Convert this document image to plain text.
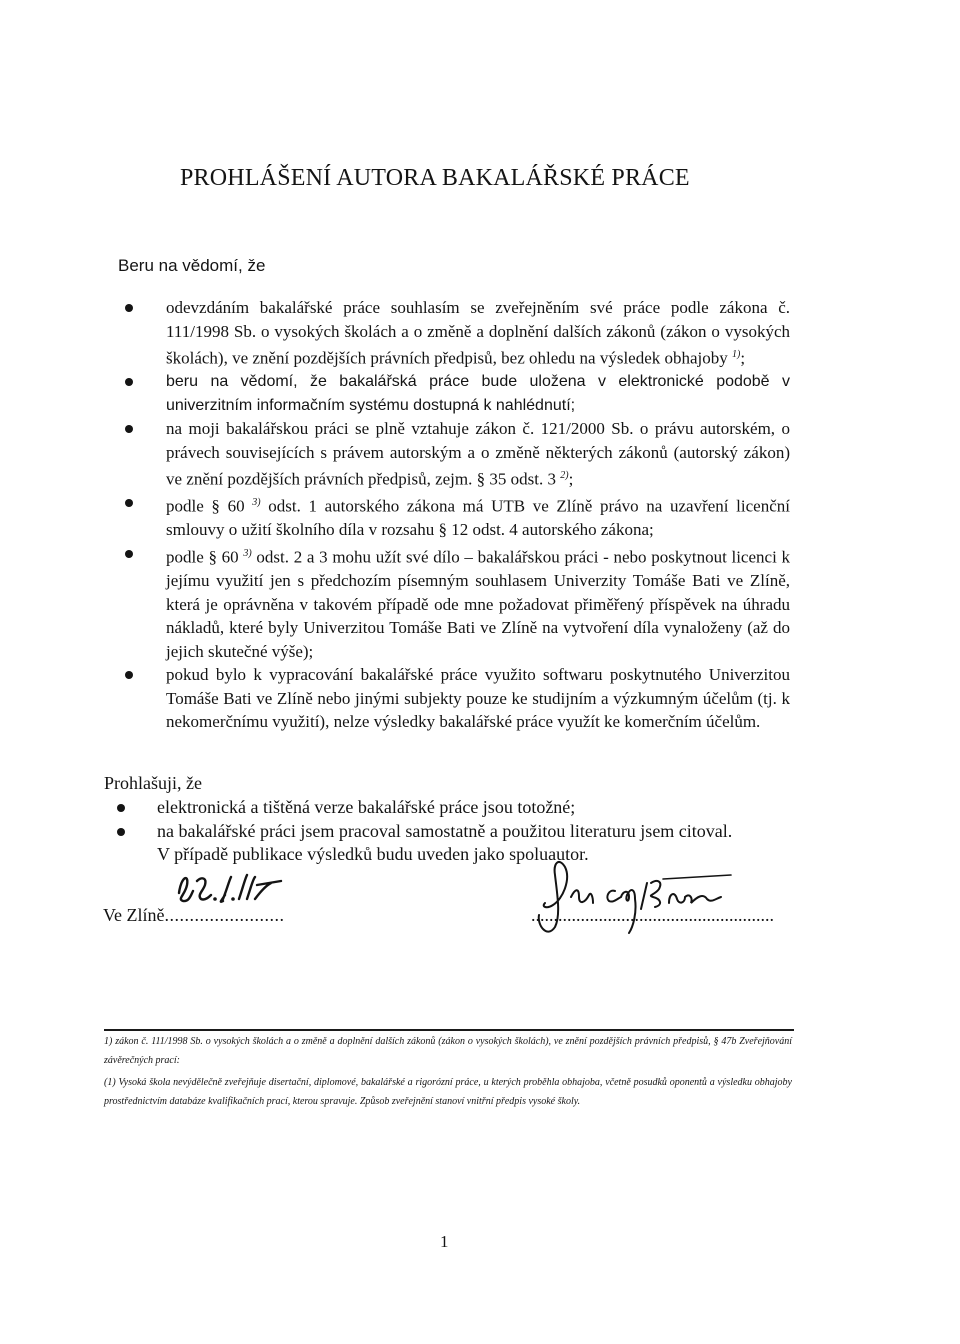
PROHLÁŠENÍ AUTORA BAKALÁŘSKÉ PRÁCE
Beru na vědomí, že
odevzdáním bakalářské práce souhlasím se zveřejněním své práce podle zákona č. 111/1998 Sb. o vysokých školách a o změně a doplnění dalších zákonů (zákon o vysokých školách), ve znění pozdějších právních předpisů, bez ohledu na výsledek obhajoby $^{1)}$;
beru na vědomí, že bakalářská práce bude uložena v elektronické podobě v univerzitním informačním systému dostupná k nahlédnutí;
na moji bakalářskou práci se plně vztahuje zákon č. 121/2000 Sb. o právu autorském, o právech souvisejících s právem autorským a o změně některých zákonů (autorský zákon) ve znění pozdějších právních předpisů, zejm. § 35 odst. 3 $^{2)}$;
podle § 60 $^{3)}$ odst. 1 autorského zákona má UTB ve Zlíně právo na uzavření licenční smlouvy o užití školního díla v rozsahu § 12 odst. 4 autorského zákona;
podle § 60 $^{3)}$ odst. 2 a 3 mohu užít své dílo – bakalářskou práci - nebo poskytnout licenci k jejímu využití jen s předchozím písemným souhlasem Univerzity Tomáše Bati ve Zlíně, která je oprávněna v takovém případě ode mne požadovat přiměřený příspěvek na úhradu nákladů, které byly Univerzitou Tomáše Bati ve Zlíně na vytvoření díla vynaloženy (až do jejich skutečné výše);
pokud bylo k vypracování bakalářské práce využito softwaru poskytnutého Univerzitou Tomáše Bati ve Zlíně nebo jinými subjekty pouze ke studijním a výzkumným účelům (tj. k nekomerčnímu využití), nelze výsledky bakalářské práce využít ke komerčním účelům.
Prohlašuji, že
elektronická a tištěná verze bakalářské práce jsou totožné;
na bakalářské práci jsem pracoval samostatně a použitou literaturu jsem citoval.
V případě publikace výsledků budu uveden jako spoluautor.
Ve Zlíně........................	......................................................

1) zákon č. 111/1998 Sb. o vysokých školách a o změně a doplnění dalších zákonů (zákon o vysokých školách), ve znění pozdějších právních předpisů, § 47b Zveřejňování závěrečných prací:

(1) Vysoká škola nevýdělečně zveřejňuje disertační, diplomové, bakalářské a rigorózní práce, u kterých proběhla obhajoba, včetně posudků oponentů a výsledku obhajoby prostřednictvím databáze kvalifikačních prací, kterou spravuje. Způsob zveřejnění stanoví vnitřní předpis vysoké školy.

1
